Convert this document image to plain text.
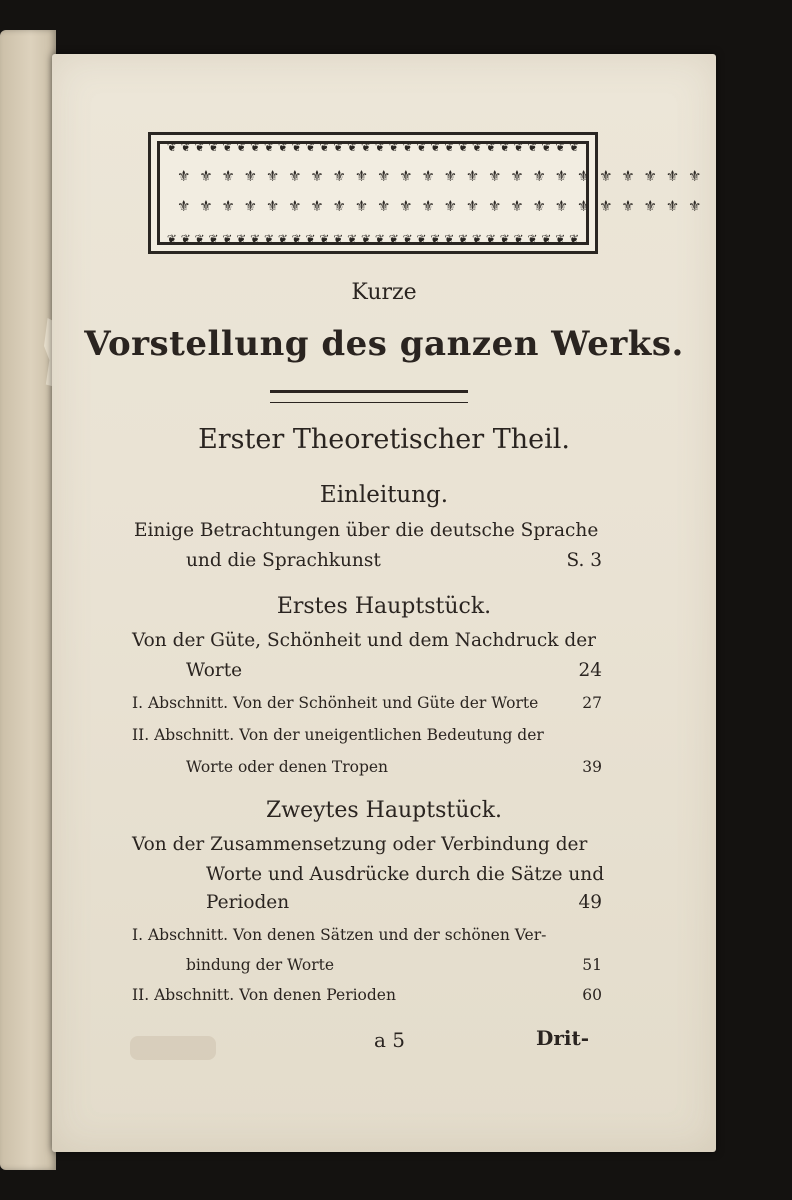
❦ ❦ ❦ ❦ ❦ ❦ ❦ ❦ ❦ ❦ ❦ ❦ ❦ ❦ ❦ ❦ ❦ ❦ ❦ ❦ ❦ ❦ ❦ ❦ ❦ ❦ ❦ ❦ ❦ ❦
⚜ ⚜ ⚜ ⚜ ⚜ ⚜ ⚜ ⚜ ⚜ ⚜ ⚜ ⚜ ⚜ ⚜ ⚜ ⚜ ⚜ ⚜ ⚜ ⚜ ⚜ ⚜ ⚜ ⚜
⚜ ⚜ ⚜ ⚜ ⚜ ⚜ ⚜ ⚜ ⚜ ⚜ ⚜ ⚜ ⚜ ⚜ ⚜ ⚜ ⚜ ⚜ ⚜ ⚜ ⚜ ⚜ ⚜ ⚜
❦ ❦ ❦ ❦ ❦ ❦ ❦ ❦ ❦ ❦ ❦ ❦ ❦ ❦ ❦ ❦ ❦ ❦ ❦ ❦ ❦ ❦ ❦ ❦ ❦ ❦ ❦ ❦ ❦ ❦
Kurze
Vorstellung des ganzen Werks.
Erster Theoretischer Theil.
Einleitung.
Einige Betrachtungen über die deutsche Sprache
und die Sprachkunst	S. 3
Erstes Hauptstück.
Von der Güte, Schönheit und dem Nachdruck der
Worte	24
I. Abschnitt. Von der Schönheit und Güte der Worte	27
II. Abschnitt. Von der uneigentlichen Bedeutung der
Worte oder denen Tropen	39
Zweytes Hauptstück.
Von der Zusammensetzung oder Verbindung der
Worte und Ausdrücke durch die Sätze und
Perioden	49
I. Abschnitt. Von denen Sätzen und der schönen Ver-
bindung der Worte	51
II. Abschnitt. Von denen Perioden	60
a 5	Drit-
